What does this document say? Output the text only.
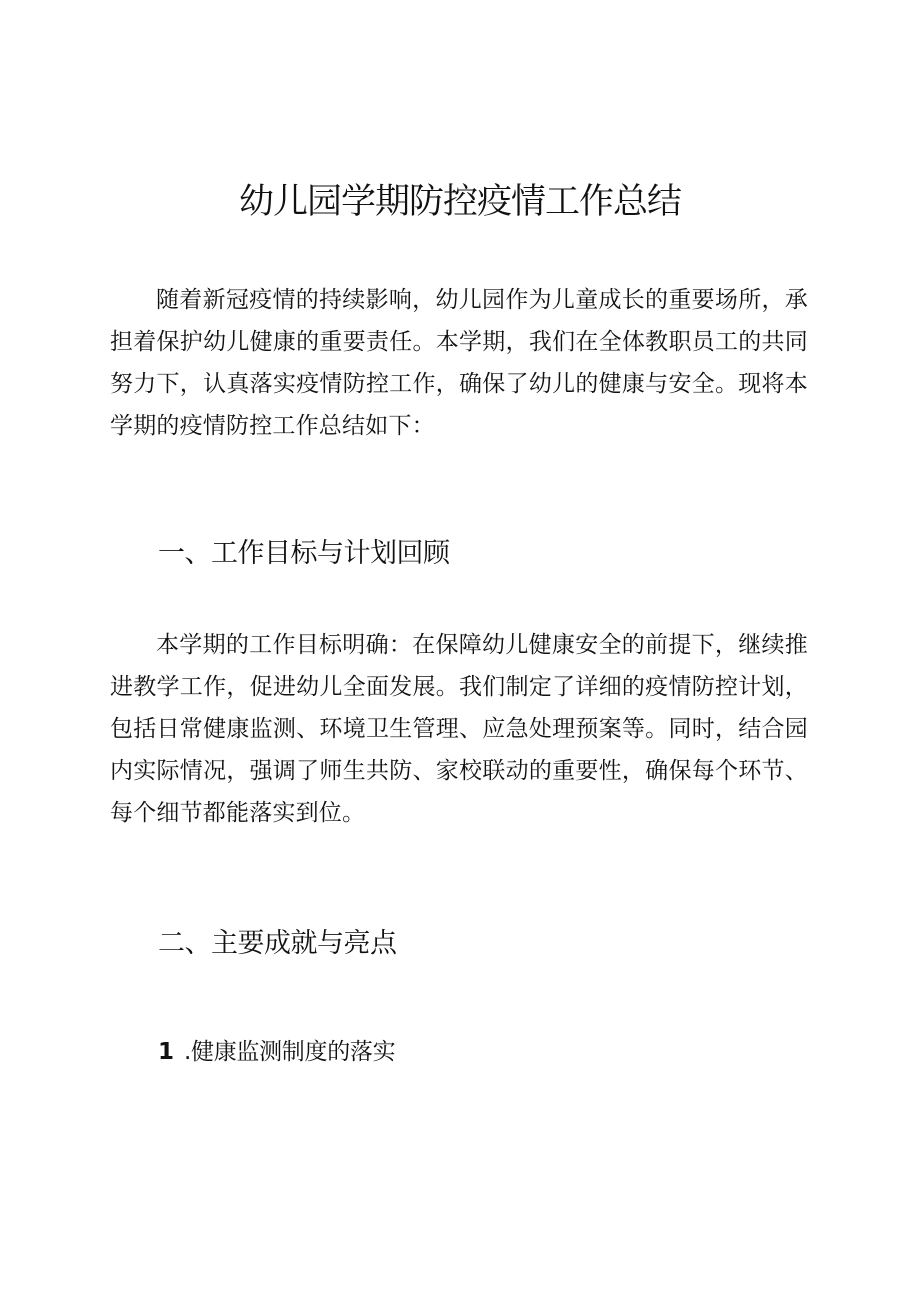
幼儿园学期防控疫情工作总结

随着新冠疫情的持续影响，幼儿园作为儿童成长的重要场所，承担着保护幼儿健康的重要责任。本学期，我们在全体教职员工的共同努力下，认真落实疫情防控工作，确保了幼儿的健康与安全。现将本学期的疫情防控工作总结如下：

一、工作目标与计划回顾

本学期的工作目标明确：在保障幼儿健康安全的前提下，继续推进教学工作，促进幼儿全面发展。我们制定了详细的疫情防控计划，包括日常健康监测、环境卫生管理、应急处理预案等。同时，结合园内实际情况，强调了师生共防、家校联动的重要性，确保每个环节、每个细节都能落实到位。

二、主要成就与亮点
1 .健康监测制度的落实
